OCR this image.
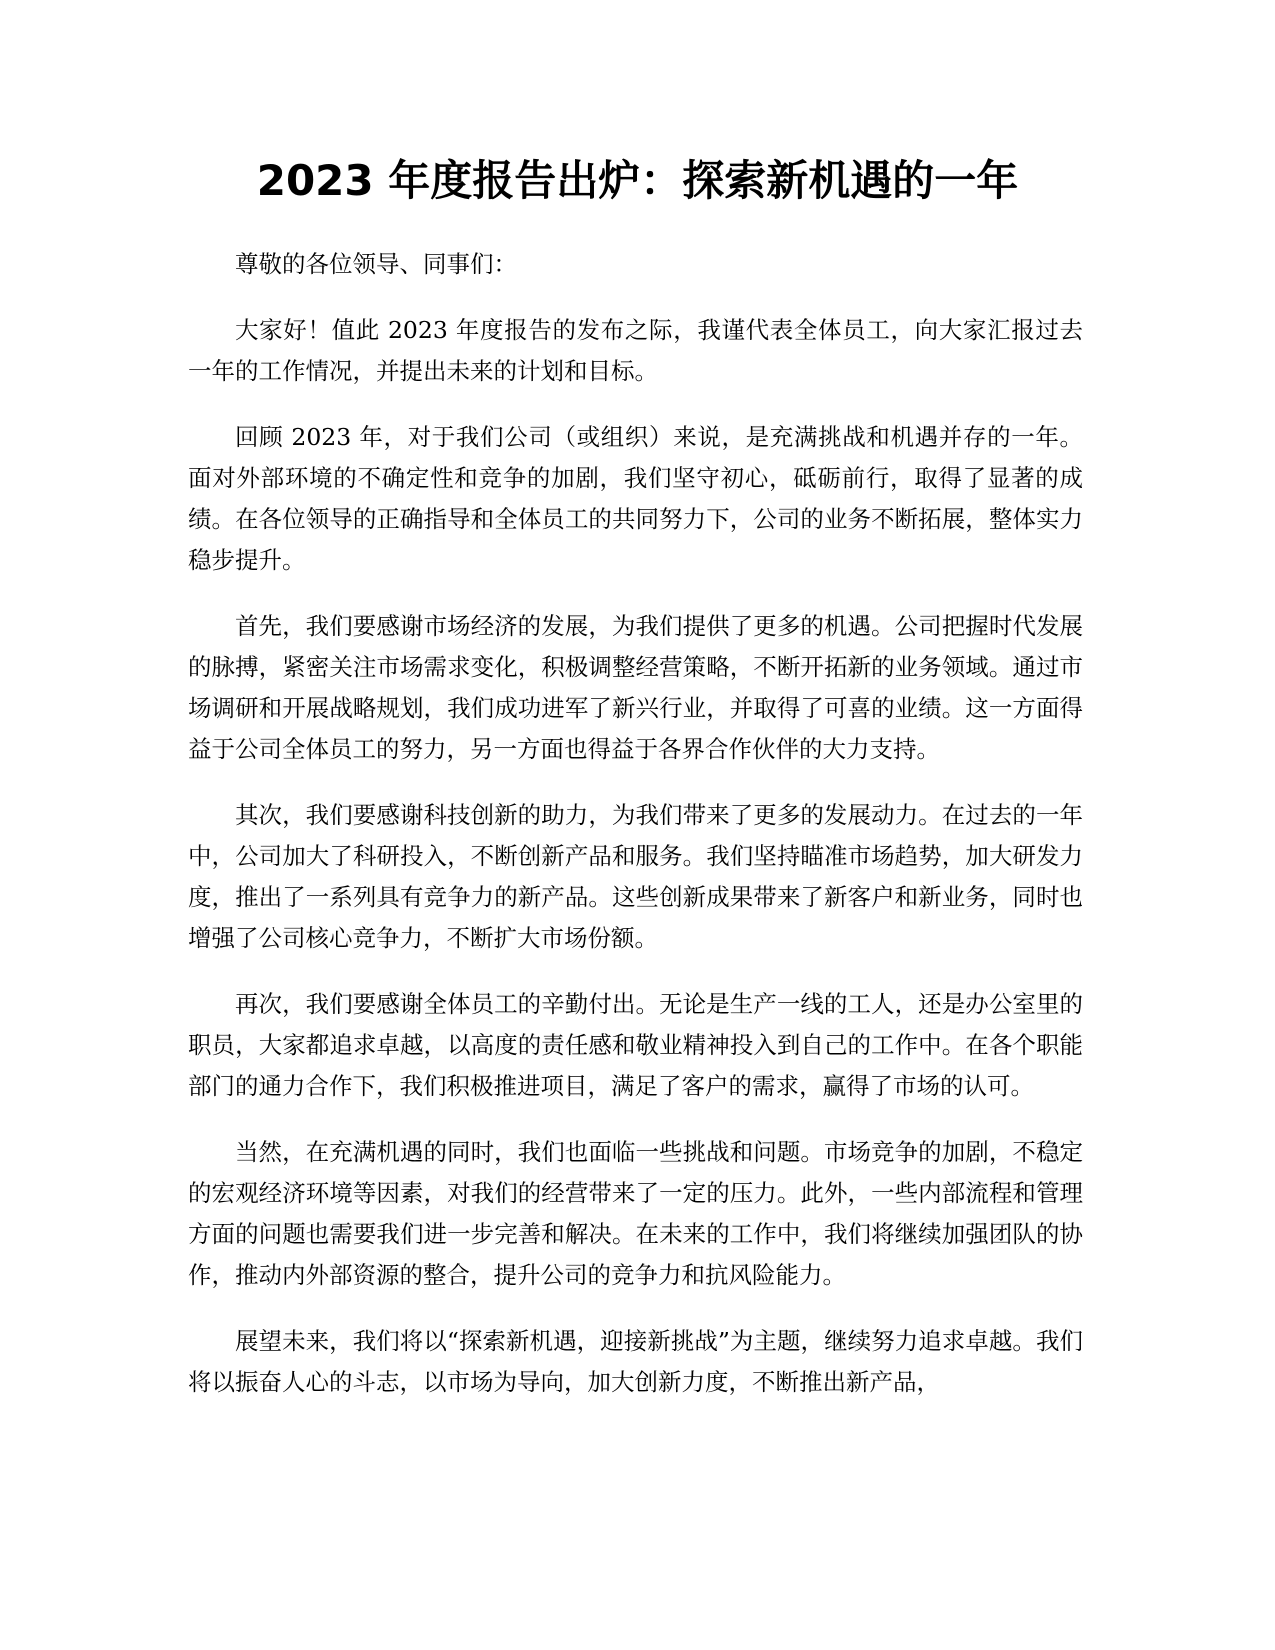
2023 年度报告出炉：探索新机遇的一年

尊敬的各位领导、同事们：

大家好！值此 2023 年度报告的发布之际，我谨代表全体员工，向大家汇报过去一年的工作情况，并提出未来的计划和目标。

回顾 2023 年，对于我们公司（或组织）来说，是充满挑战和机遇并存的一年。面对外部环境的不确定性和竞争的加剧，我们坚守初心，砥砺前行，取得了显著的成绩。在各位领导的正确指导和全体员工的共同努力下，公司的业务不断拓展，整体实力稳步提升。

首先，我们要感谢市场经济的发展，为我们提供了更多的机遇。公司把握时代发展的脉搏，紧密关注市场需求变化，积极调整经营策略，不断开拓新的业务领域。通过市场调研和开展战略规划，我们成功进军了新兴行业，并取得了可喜的业绩。这一方面得益于公司全体员工的努力，另一方面也得益于各界合作伙伴的大力支持。

其次，我们要感谢科技创新的助力，为我们带来了更多的发展动力。在过去的一年中，公司加大了科研投入，不断创新产品和服务。我们坚持瞄准市场趋势，加大研发力度，推出了一系列具有竞争力的新产品。这些创新成果带来了新客户和新业务，同时也增强了公司核心竞争力，不断扩大市场份额。

再次，我们要感谢全体员工的辛勤付出。无论是生产一线的工人，还是办公室里的职员，大家都追求卓越，以高度的责任感和敬业精神投入到自己的工作中。在各个职能部门的通力合作下，我们积极推进项目，满足了客户的需求，赢得了市场的认可。

当然，在充满机遇的同时，我们也面临一些挑战和问题。市场竞争的加剧，不稳定的宏观经济环境等因素，对我们的经营带来了一定的压力。此外，一些内部流程和管理方面的问题也需要我们进一步完善和解决。在未来的工作中，我们将继续加强团队的协作，推动内外部资源的整合，提升公司的竞争力和抗风险能力。

展望未来，我们将以“探索新机遇，迎接新挑战”为主题，继续努力追求卓越。我们将以振奋人心的斗志，以市场为导向，加大创新力度，不断推出新产品，
